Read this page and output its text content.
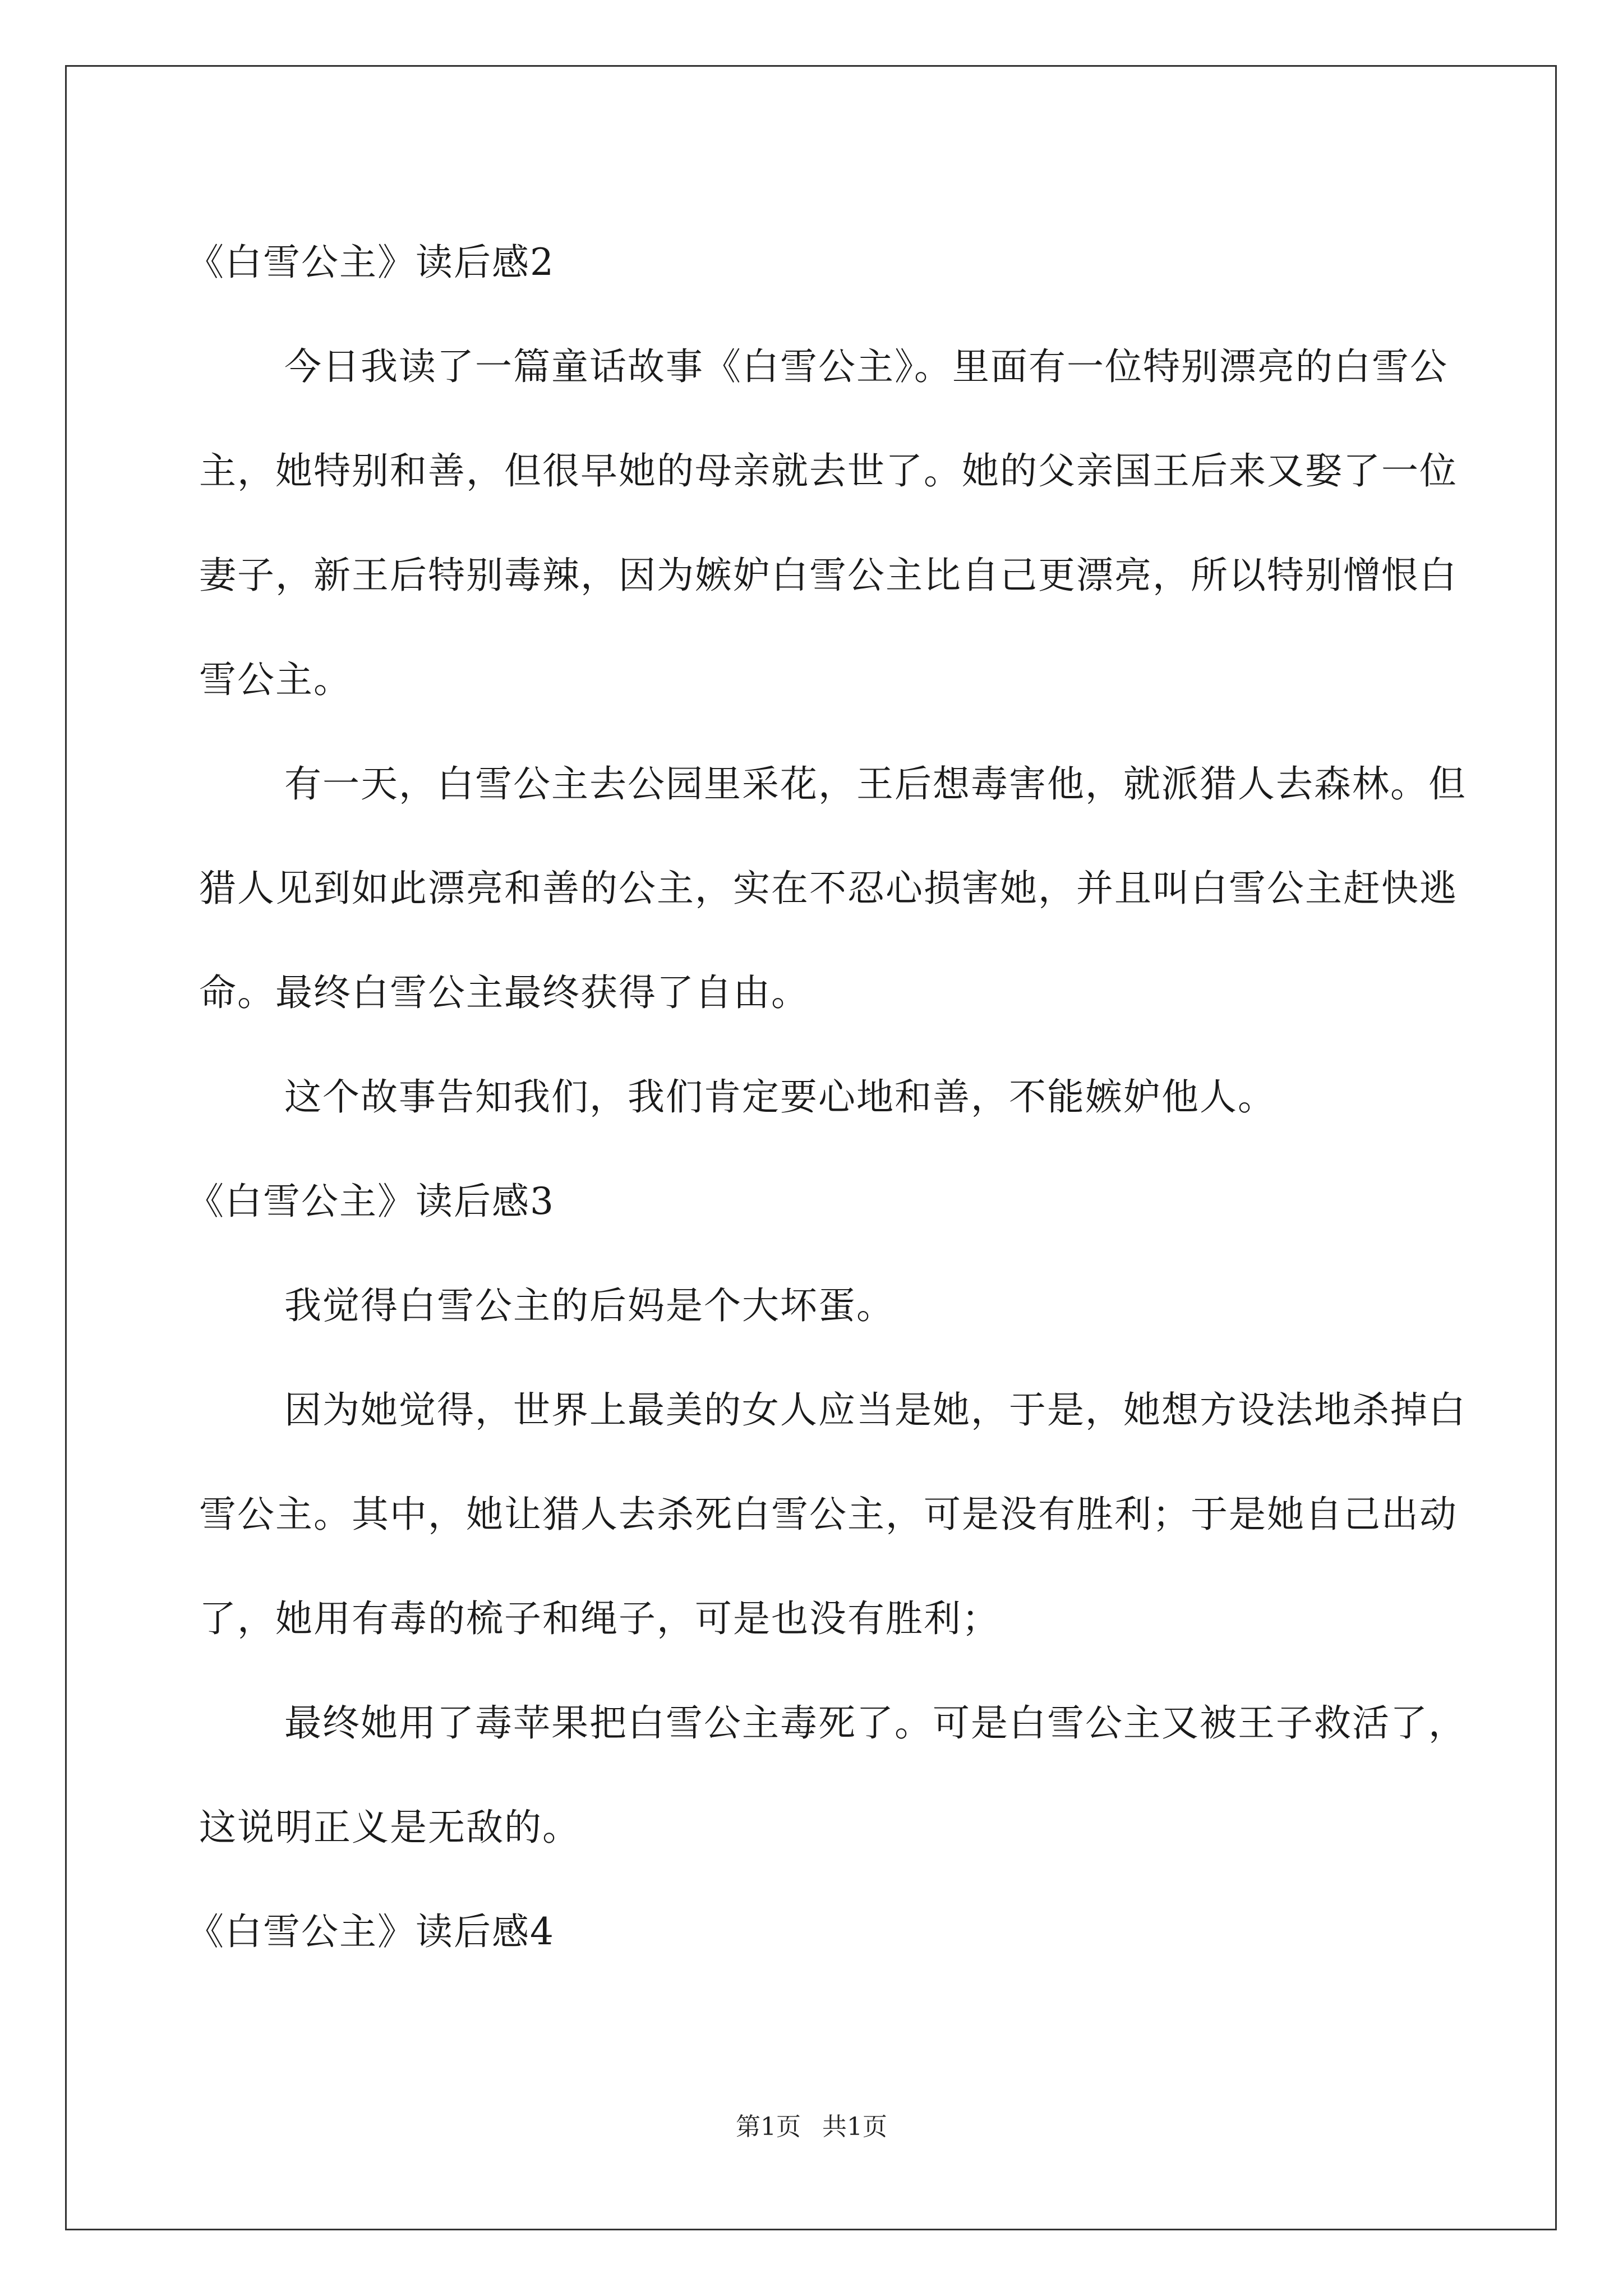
《白雪公主》读后感2

今日我读了一篇童话故事《白雪公主》。里面有一位特别漂亮的白雪公主，她特别和善，但很早她的母亲就去世了。她的父亲国王后来又娶了一位妻子，新王后特别毒辣，因为嫉妒白雪公主比自己更漂亮，所以特别憎恨白雪公主。

有一天，白雪公主去公园里采花，王后想毒害他，就派猎人去森林。但猎人见到如此漂亮和善的公主，实在不忍心损害她，并且叫白雪公主赶快逃命。最终白雪公主最终获得了自由。

这个故事告知我们，我们肯定要心地和善，不能嫉妒他人。

《白雪公主》读后感3

我觉得白雪公主的后妈是个大坏蛋。

因为她觉得，世界上最美的女人应当是她，于是，她想方设法地杀掉白雪公主。其中，她让猎人去杀死白雪公主，可是没有胜利；于是她自己出动了，她用有毒的梳子和绳子，可是也没有胜利；

最终她用了毒苹果把白雪公主毒死了。可是白雪公主又被王子救活了，这说明正义是无敌的。

《白雪公主》读后感4

第1页 共1页
